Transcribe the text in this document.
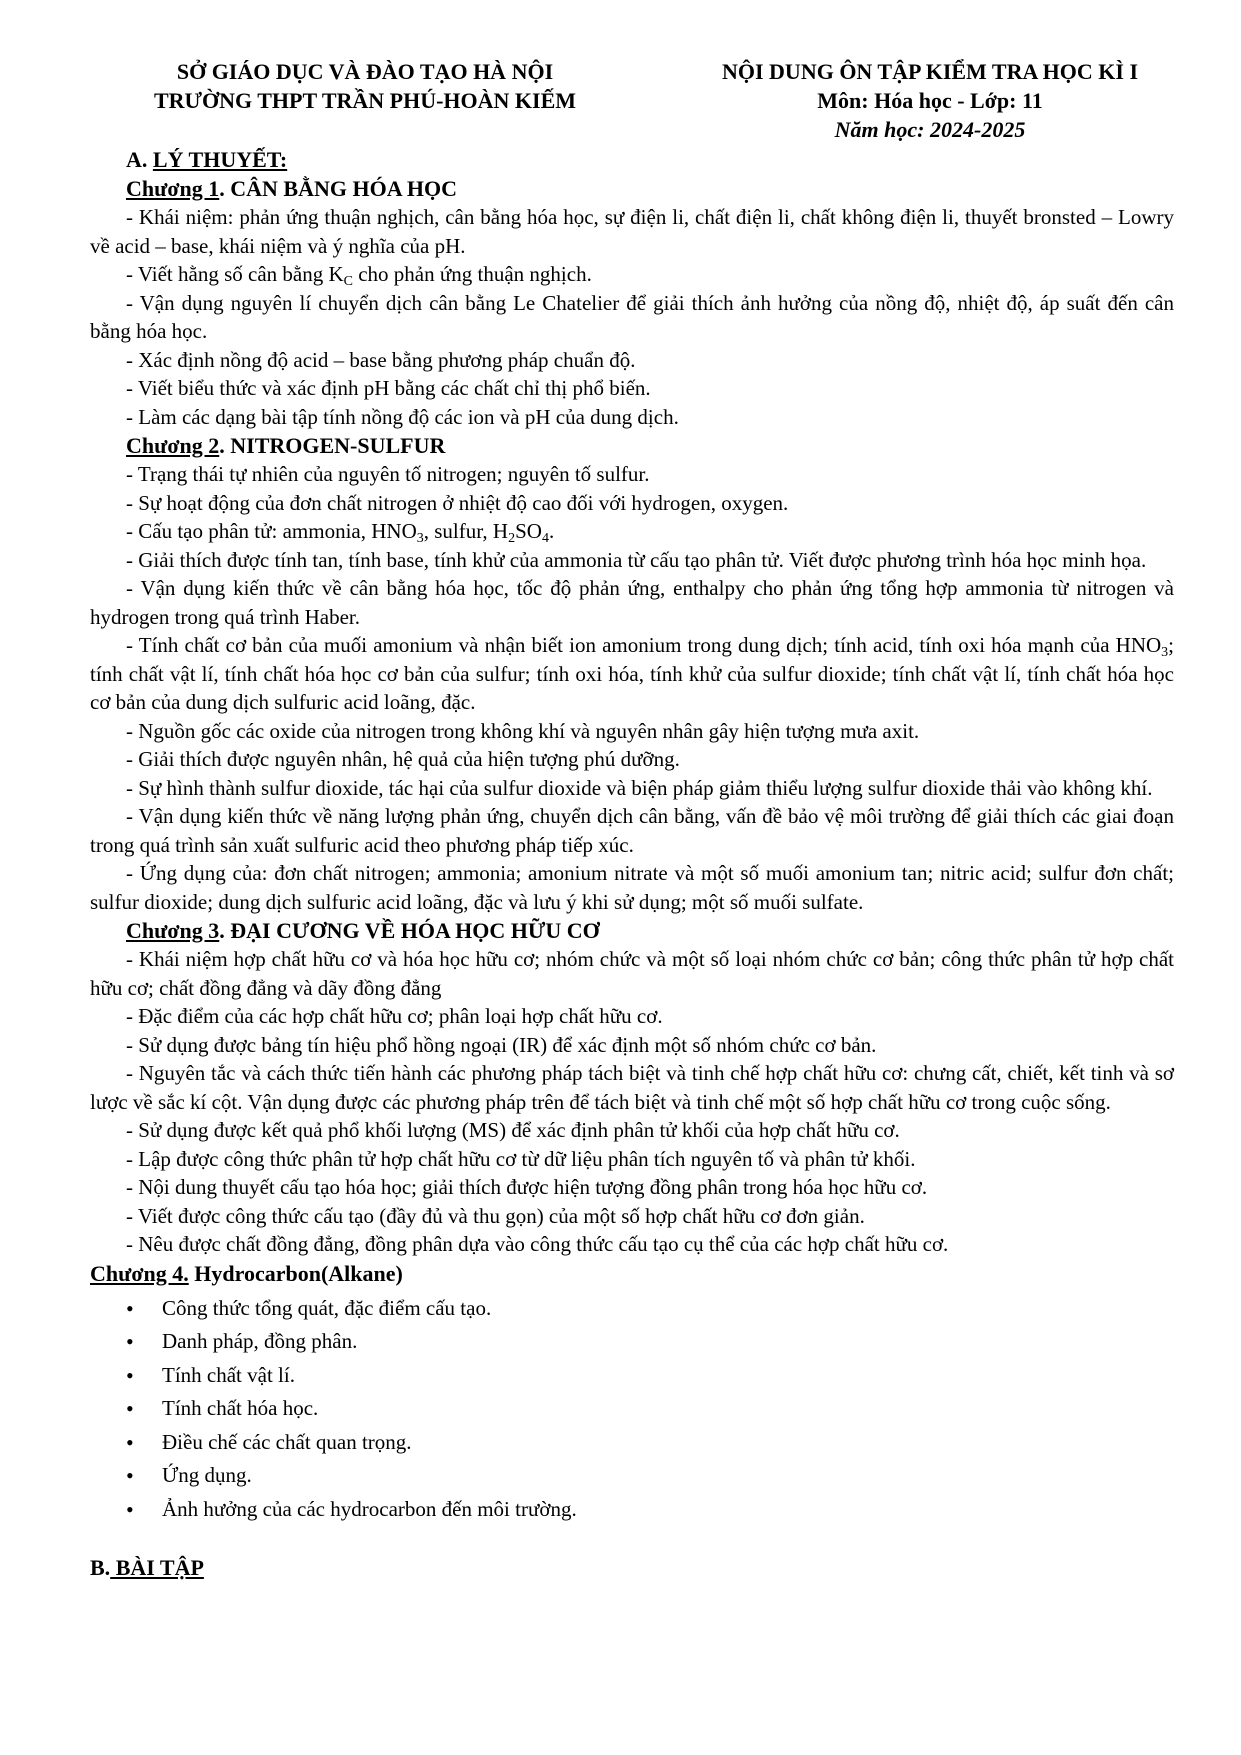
SỞ GIÁO DỤC VÀ ĐÀO TẠO HÀ NỘI
TRƯỜNG THPT TRẦN PHÚ-HOÀN KIẾM
NỘI DUNG ÔN TẬP KIỂM TRA HỌC KÌ I
Môn: Hóa học - Lớp: 11
Năm học: 2024-2025
A. LÝ THUYẾT:
Chương 1. CÂN BẰNG HÓA HỌC

- Khái niệm: phản ứng thuận nghịch, cân bằng hóa học, sự điện li, chất điện li, chất không điện li, thuyết bronsted – Lowry về acid – base, khái niệm và ý nghĩa của pH.

- Viết hằng số cân bằng $K_C$ cho phản ứng thuận nghịch.

- Vận dụng nguyên lí chuyển dịch cân bằng Le Chatelier để giải thích ảnh hưởng của nồng độ, nhiệt độ, áp suất đến cân bằng hóa học.

- Xác định nồng độ acid – base bằng phương pháp chuẩn độ.

- Viết biểu thức và xác định pH bằng các chất chỉ thị phổ biến.

- Làm các dạng bài tập tính nồng độ các ion và pH của dung dịch.

Chương 2. NITROGEN-SULFUR

- Trạng thái tự nhiên của nguyên tố nitrogen; nguyên tố sulfur.

- Sự hoạt động của đơn chất nitrogen ở nhiệt độ cao đối với hydrogen, oxygen.

- Cấu tạo phân tử: ammonia, $HNO_3$, sulfur, $H_2SO_4$.

- Giải thích được tính tan, tính base, tính khử của ammonia từ cấu tạo phân tử. Viết được phương trình hóa học minh họa.

- Vận dụng kiến thức về cân bằng hóa học, tốc độ phản ứng, enthalpy cho phản ứng tổng hợp ammonia từ nitrogen và hydrogen trong quá trình Haber.

- Tính chất cơ bản của muối amonium và nhận biết ion amonium trong dung dịch; tính acid, tính oxi hóa mạnh của $HNO_3$; tính chất vật lí, tính chất hóa học cơ bản của sulfur; tính oxi hóa, tính khử của sulfur dioxide; tính chất vật lí, tính chất hóa học cơ bản của dung dịch sulfuric acid loãng, đặc.

- Nguồn gốc các oxide của nitrogen trong không khí và nguyên nhân gây hiện tượng mưa axit.

- Giải thích được nguyên nhân, hệ quả của hiện tượng phú dưỡng.

- Sự hình thành sulfur dioxide, tác hại của sulfur dioxide và biện pháp giảm thiểu lượng sulfur dioxide thải vào không khí.

- Vận dụng kiến thức về năng lượng phản ứng, chuyển dịch cân bằng, vấn đề bảo vệ môi trường để giải thích các giai đoạn trong quá trình sản xuất sulfuric acid theo phương pháp tiếp xúc.

- Ứng dụng của: đơn chất nitrogen; ammonia; amonium nitrate và một số muối amonium tan; nitric acid; sulfur đơn chất; sulfur dioxide; dung dịch sulfuric acid loãng, đặc và lưu ý khi sử dụng; một số muối sulfate.

Chương 3. ĐẠI CƯƠNG VỀ HÓA HỌC HỮU CƠ

- Khái niệm hợp chất hữu cơ và hóa học hữu cơ; nhóm chức và một số loại nhóm chức cơ bản; công thức phân tử hợp chất hữu cơ; chất đồng đẳng và dãy đồng đẳng

- Đặc điểm của các hợp chất hữu cơ; phân loại hợp chất hữu cơ.

- Sử dụng được bảng tín hiệu phổ hồng ngoại (IR) để xác định một số nhóm chức cơ bản.

- Nguyên tắc và cách thức tiến hành các phương pháp tách biệt và tinh chế hợp chất hữu cơ: chưng cất, chiết, kết tinh và sơ lược về sắc kí cột. Vận dụng được các phương pháp trên để tách biệt và tinh chế một số hợp chất hữu cơ trong cuộc sống.

- Sử dụng được kết quả phổ khối lượng (MS) để xác định phân tử khối của hợp chất hữu cơ.

- Lập được công thức phân tử hợp chất hữu cơ từ dữ liệu phân tích nguyên tố và phân tử khối.

- Nội dung thuyết cấu tạo hóa học; giải thích được hiện tượng đồng phân trong hóa học hữu cơ.

- Viết được công thức cấu tạo (đầy đủ và thu gọn) của một số hợp chất hữu cơ đơn giản.

- Nêu được chất đồng đẳng, đồng phân dựa vào công thức cấu tạo cụ thể của các hợp chất hữu cơ.

Chương 4. Hydrocarbon(Alkane)
• Công thức tổng quát, đặc điểm cấu tạo.
• Danh pháp, đồng phân.
• Tính chất vật lí.
• Tính chất hóa học.
• Điều chế các chất quan trọng.
• Ứng dụng.
• Ảnh hưởng của các hydrocarbon đến môi trường.
B. BÀI TẬP
